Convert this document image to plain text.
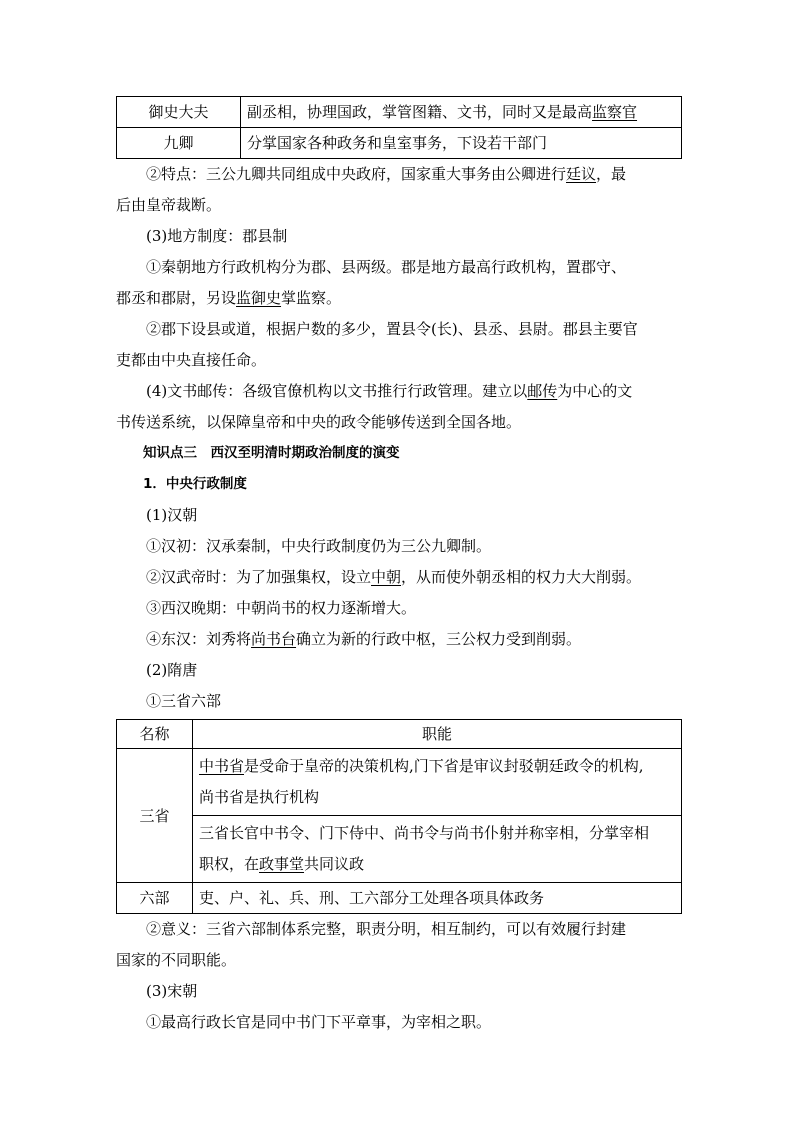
御史大夫	副丞相，协理国政，掌管图籍、文书，同时又是最高监察官
九卿	分掌国家各种政务和皇室事务，下设若干部门

②特点：三公九卿共同组成中央政府，国家重大事务由公卿进行廷议，最

后由皇帝裁断。

(3)地方制度：郡县制

①秦朝地方行政机构分为郡、县两级。郡是地方最高行政机构，置郡守、

郡丞和郡尉，另设监御史掌监察。

②郡下设县或道，根据户数的多少，置县令(长)、县丞、县尉。郡县主要官

吏都由中央直接任命。

(4)文书邮传：各级官僚机构以文书推行行政管理。建立以邮传为中心的文

书传送系统，以保障皇帝和中央的政令能够传送到全国各地。

知识点三　西汉至明清时期政治制度的演变

1．中央行政制度

(1)汉朝

①汉初：汉承秦制，中央行政制度仍为三公九卿制。

②汉武帝时：为了加强集权，设立中朝，从而使外朝丞相的权力大大削弱。

③西汉晚期：中朝尚书的权力逐渐增大。

④东汉：刘秀将尚书台确立为新的行政中枢，三公权力受到削弱。

(2)隋唐

①三省六部

名称	职能
三省	中书省是受命于皇帝的决策机构,门下省是审议封驳朝廷政令的机构,
尚书省是执行机构
	三省长官中书令、门下侍中、尚书令与尚书仆射并称宰相，分掌宰相
职权，在政事堂共同议政
六部	吏、户、礼、兵、刑、工六部分工处理各项具体政务

②意义：三省六部制体系完整，职责分明，相互制约，可以有效履行封建

国家的不同职能。

(3)宋朝

①最高行政长官是同中书门下平章事，为宰相之职。
